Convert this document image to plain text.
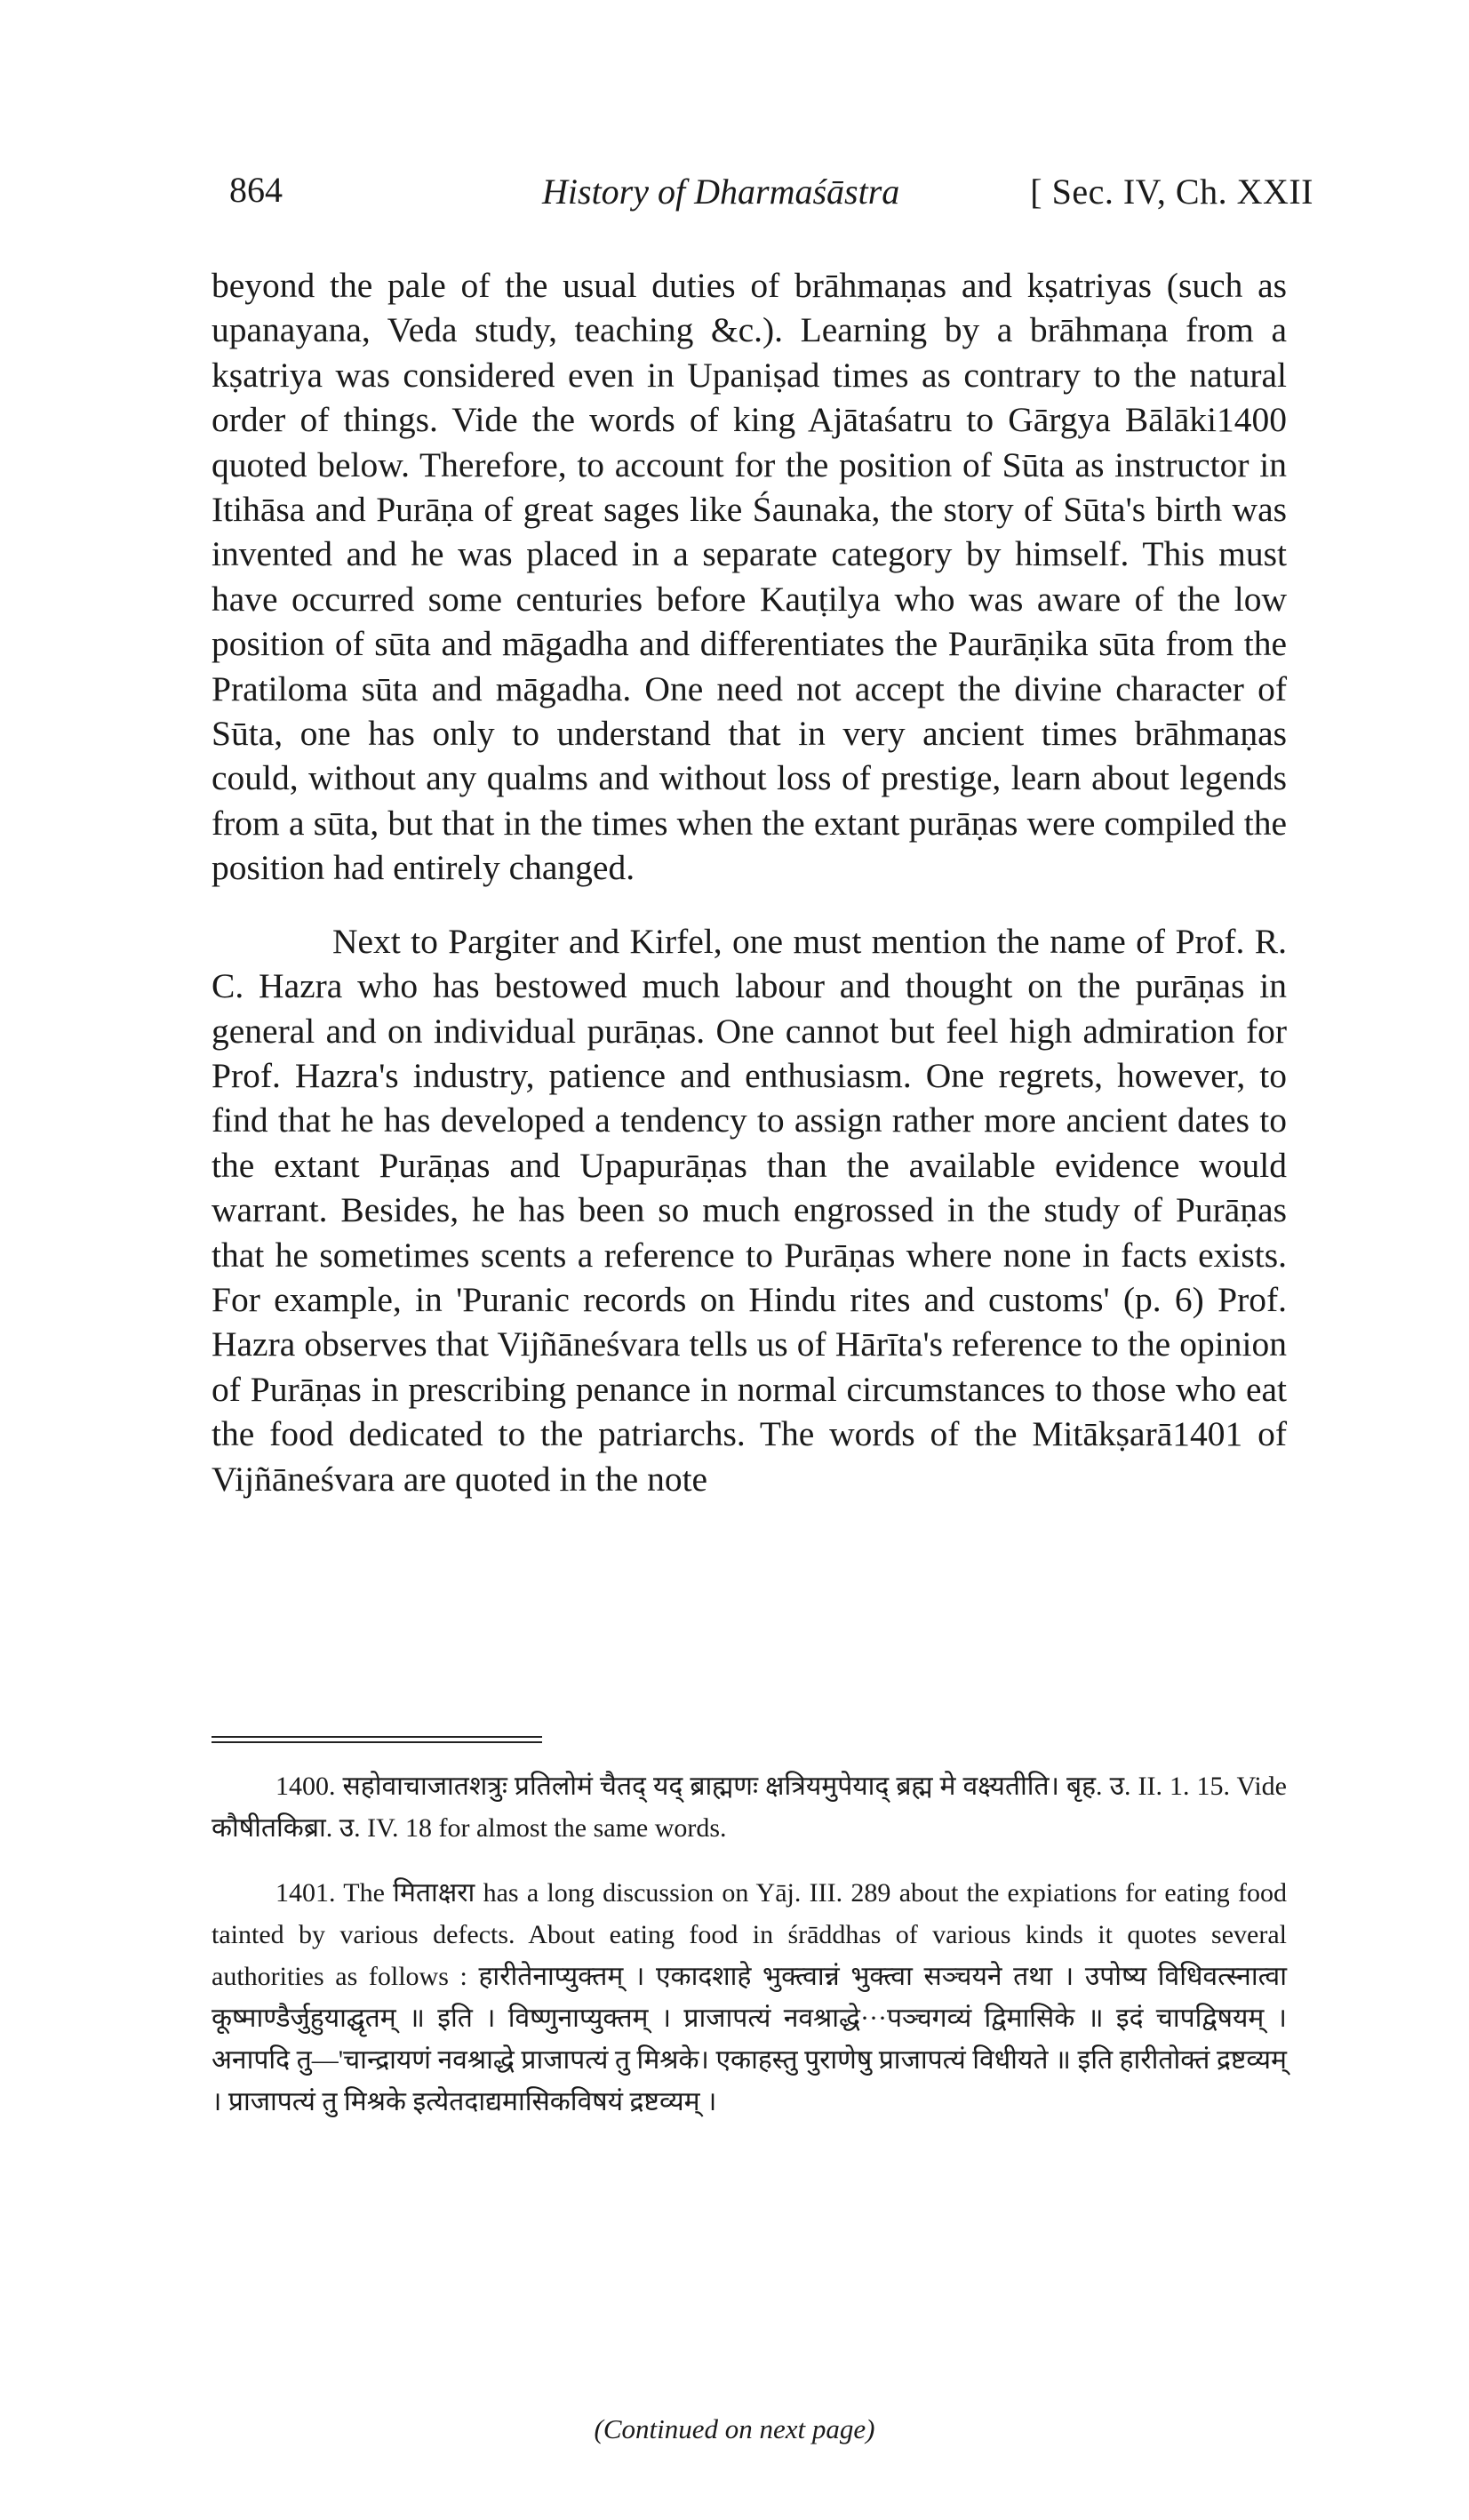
864	History of Dharmaśāstra	[ Sec. IV, Ch. XXII

beyond the pale of the usual duties of brāhmaṇas and kṣatriyas (such as upanayana, Veda study, teaching &c.). Learning by a brāhmaṇa from a kṣatriya was considered even in Upaniṣad times as contrary to the natural order of things. Vide the words of king Ajātaśatru to Gārgya Bālāki1400 quoted below. Therefore, to account for the position of Sūta as instructor in Itihāsa and Purāṇa of great sages like Śaunaka, the story of Sūta's birth was invented and he was placed in a separate category by himself. This must have occurred some centuries before Kauṭilya who was aware of the low position of sūta and māgadha and differentiates the Paurāṇika sūta from the Pratiloma sūta and māgadha. One need not accept the divine character of Sūta, one has only to understand that in very ancient times brāhmaṇas could, without any qualms and without loss of prestige, learn about legends from a sūta, but that in the times when the extant purāṇas were compiled the position had entirely changed.

Next to Pargiter and Kirfel, one must mention the name of Prof. R. C. Hazra who has bestowed much labour and thought on the purāṇas in general and on individual purāṇas. One cannot but feel high admiration for Prof. Hazra's industry, patience and enthusiasm. One regrets, however, to find that he has developed a tendency to assign rather more ancient dates to the extant Purāṇas and Upapurāṇas than the available evidence would warrant. Besides, he has been so much engrossed in the study of Purāṇas that he sometimes scents a reference to Purāṇas where none in facts exists. For example, in 'Puranic records on Hindu rites and customs' (p. 6) Prof. Hazra observes that Vijñāneśvara tells us of Hārīta's reference to the opinion of Purāṇas in prescribing penance in normal circumstances to those who eat the food dedicated to the patriarchs. The words of the Mitākṣarā1401 of Vijñāneśvara are quoted in the note

1400. सहोवाचाजातशत्रुः प्रतिलोमं चैतद् यद् ब्राह्मणः क्षत्रियमुपेयाद् ब्रह्म मे वक्ष्यतीति। बृह. उ. II. 1. 15. Vide कौषीतकिब्रा. उ. IV. 18 for almost the same words.

1401. The मिताक्षरा has a long discussion on Yāj. III. 289 about the expiations for eating food tainted by various defects. About eating food in śrāddhas of various kinds it quotes several authorities as follows : हारीतेनाप्युक्तम् । एकादशाहे भुक्त्वान्नं भुक्त्वा सञ्चयने तथा । उपोष्य विधिवत्स्नात्वा कूष्माण्डैर्जुहुयाद्घृतम् ॥ इति । विष्णुनाप्युक्तम् । प्राजापत्यं नवश्राद्धे···पञ्चगव्यं द्विमासिके ॥ इदं चापद्विषयम् । अनापदि तु—'चान्द्रायणं नवश्राद्धे प्राजापत्यं तु मिश्रके। एकाहस्तु पुराणेषु प्राजापत्यं विधीयते ॥ इति हारीतोक्तं द्रष्टव्यम् । प्राजापत्यं तु मिश्रके इत्येतदाद्यमासिकविषयं द्रष्टव्यम् ।

(Continued on next page)
